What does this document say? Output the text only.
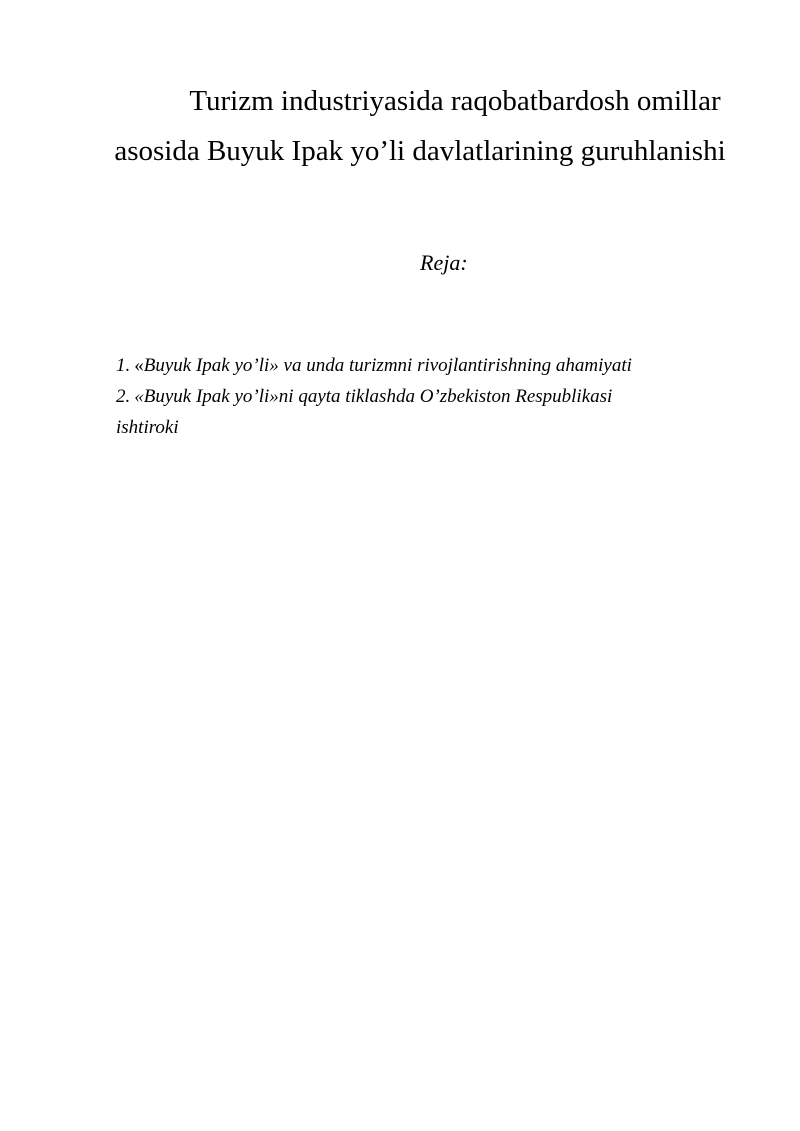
Turizm industriyasida raqobatbardosh omillar
asosida Buyuk Ipak yo’li davlatlarining guruhlanishi
Reja:
1. «Buyuk Ipak yo’li» va unda turizmni rivojlantirishning ahamiyati
2. «Buyuk Ipak yo’li»ni qayta tiklashda O’zbekiston Respublikasi
ishtiroki
